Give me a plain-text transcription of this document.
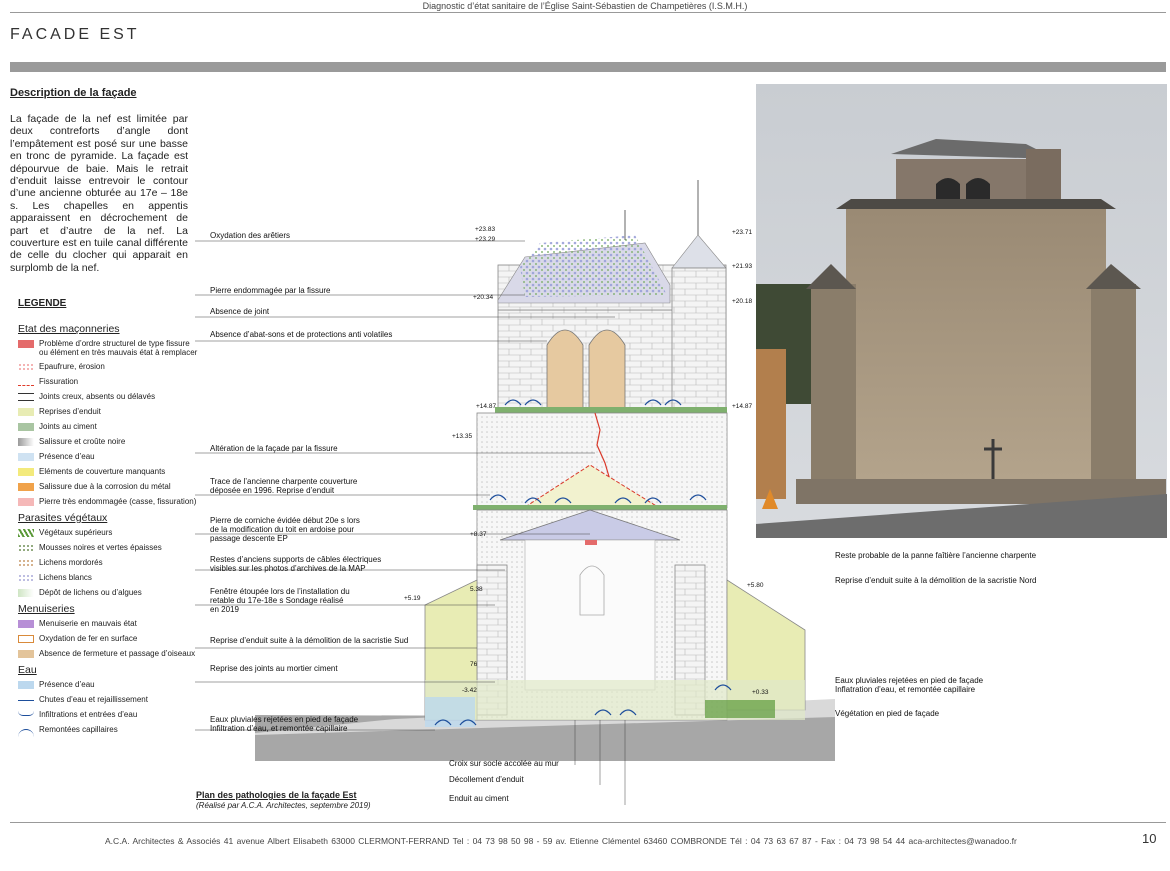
Diagnostic d’état sanitaire de l’Église Saint-Sébastien de Champetières (I.S.M.H.)
FACADE EST
Description de la façade
La façade de la nef est limitée par deux contreforts d’angle dont l’empâtement est posé sur une basse en tronc de pyramide. La façade est dépourvue de baie. Mais le retrait d’enduit laisse entrevoir le contour d’une ancienne obturée au 17e – 18e s. Les chapelles en appentis apparaissent en décrochement de part et d’autre de la nef. La couverture est en tuile canal différente de celle du clocher qui apparait en surplomb de la nef.
LEGENDE
Etat des maçonneries
Problème d’ordre structurel de type fissure ou élément en très mauvais état à remplacer
Epaufrure, érosion
Fissuration
Joints creux, absents ou délavés
Reprises d’enduit
Joints au ciment
Salissure et croûte noire
Présence d’eau
Eléments de couverture manquants
Salissure due à la corrosion du métal
Pierre très endommagée (casse, fissuration)
Parasites végétaux
Végétaux supérieurs
Mousses noires et vertes épaisses
Lichens mordorés
Lichens blancs
Dépôt de lichens ou d’algues
Menuiseries
Menuiserie en mauvais état
Oxydation de fer en surface
Absence de fermeture et passage d’oiseaux
Eau
Présence d’eau
Chutes d’eau et rejaillissement
Infiltrations et entrées d’eau
Remontées capillaires
+23.83
+23.29
+23.71
+21.93
+20.34
+20.18
+14.87	+14.87
+13.35
+8.37
+5.80
+5.19
5.38
-3.42	+0.33
76
Oxydation des arêtiers
Pierre endommagée par la fissure
Absence de joint
Absence d’abat-sons et de protections anti volatiles
Altération de la façade par la fissure
Trace de l’ancienne charpente couverture déposée en 1996. Reprise d’enduit
Pierre de corniche évidée début 20e s lors de la modification du toit en ardoise pour passage descente EP
Restes d’anciens supports de câbles électriques visibles sur les photos d’archives de la MAP
Fenêtre étoupée lors de l’installation du retable du 17e-18e s Sondage réalisé en 2019
Reprise d’enduit suite à la démolition de la sacristie Sud
Reprise des joints au mortier ciment
Eaux pluviales rejetées en pied de façade Infiltration d’eau, et remontée capillaire
Croix sur socle accolée au mur
Décollement d’enduit
Enduit au ciment
Reste probable de la panne faîtière l’ancienne charpente
Reprise d’enduit suite à la démolition de la sacristie Nord
Eaux pluviales rejetées en pied de façade Inflatration d’eau, et remontée capillaire
Végétation en pied de façade
Plan des pathologies de la façade Est
(Réalisé par A.C.A. Architectes, septembre 2019)
A.C.A. Architectes & Associés 41 avenue Albert Elisabeth 63000 CLERMONT-FERRAND Tel : 04 73 98 50 98 - 59 av. Etienne Clémentel 63460 COMBRONDE Tél : 04 73 63 67 87 - Fax : 04 73 98 54 44 aca-architectes@wanadoo.fr	10
